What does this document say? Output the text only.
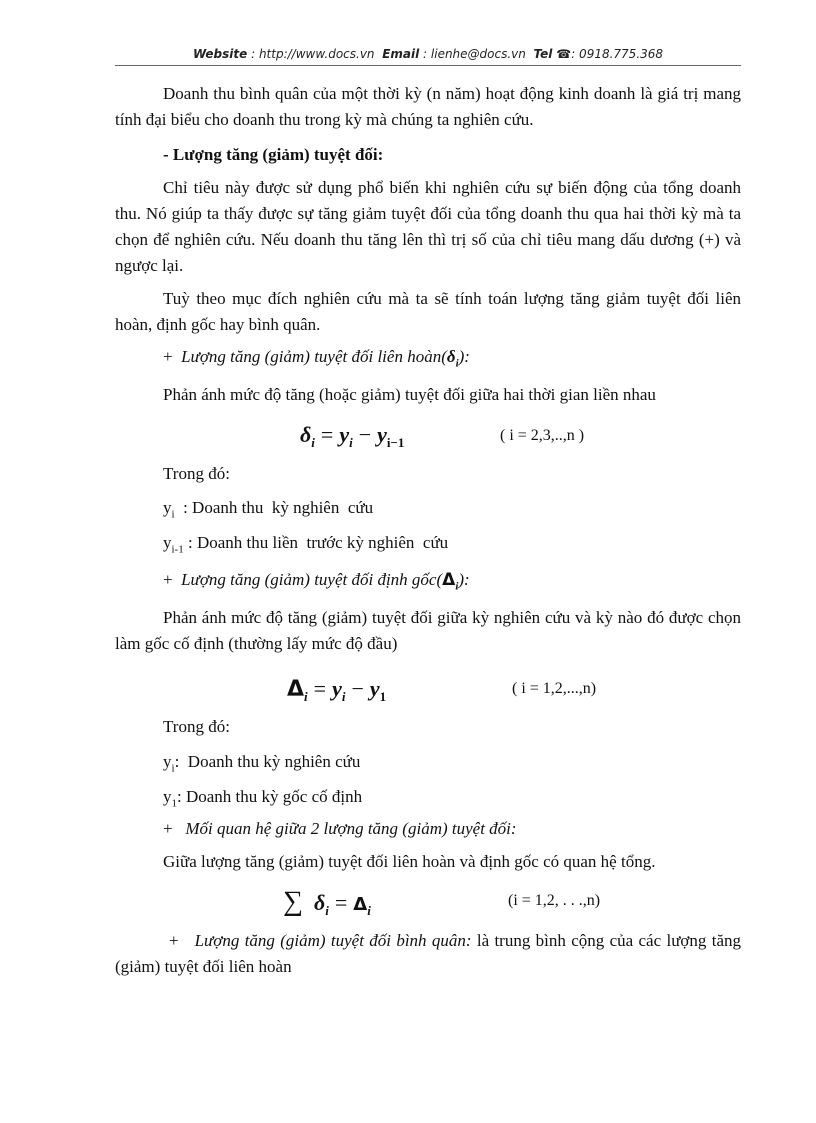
Website : http://www.docs.vn Email : lienhe@docs.vn Tel ☎: 0918.775.368
Doanh thu bình quân của một thời kỳ (n năm) hoạt động kinh doanh là giá trị mang tính đại biểu cho doanh thu trong kỳ mà chúng ta nghiên cứu.
- Lượng tăng (giảm) tuyệt đối:
Chỉ tiêu này được sử dụng phổ biến khi nghiên cứu sự biến động của tổng doanh thu. Nó giúp ta thấy được sự tăng giảm tuyệt đối của tổng doanh thu qua hai thời kỳ mà ta chọn để nghiên cứu. Nếu doanh thu tăng lên thì trị số của chỉ tiêu mang dấu dương (+) và ngược lại.
Tuỳ theo mục đích nghiên cứu mà ta sẽ tính toán lượng tăng giảm tuyệt đối liên hoàn, định gốc hay bình quân.
+ Lượng tăng (giảm) tuyệt đối liên $hoàn(\delta_i)$:
Phản ánh mức độ tăng (hoặc giảm) tuyệt đối giữa hai thời gian liền nhau
$\delta_i = y_i - y_{i-1}$	( i = 2,3,..,n )
Trong đó:
$y_i$  : Doanh thu  kỳ nghiên  cứu
$y_{i-1}$ : Doanh thu liền  trước kỳ nghiên  cứu
+ Lượng tăng (giảm) tuyệt đối định $gốc(\Delta_i)$:
Phản ánh mức độ tăng (giảm) tuyệt đối giữa kỳ nghiên cứu và kỳ nào đó được chọn làm gốc cố định (thường lấy mức độ đầu)
$\Delta_i = y_i - y_1$	( i = 1,2,...,n)
Trong đó:
$y_i$:  Doanh thu kỳ nghiên cứu
$y_1$: Doanh thu kỳ gốc cố định
+ Mối quan hệ giữa 2 lượng tăng (giảm) tuyệt đối:
Giữa lượng tăng (giảm) tuyệt đối liên hoàn và định gốc có quan hệ tổng.
∑ $\delta_i = \Delta_i$
(i = 1,2, . . .,n)
+ Lượng tăng (giảm) tuyệt đối bình quân: là trung bình cộng của các lượng tăng (giảm) tuyệt đối liên hoàn
